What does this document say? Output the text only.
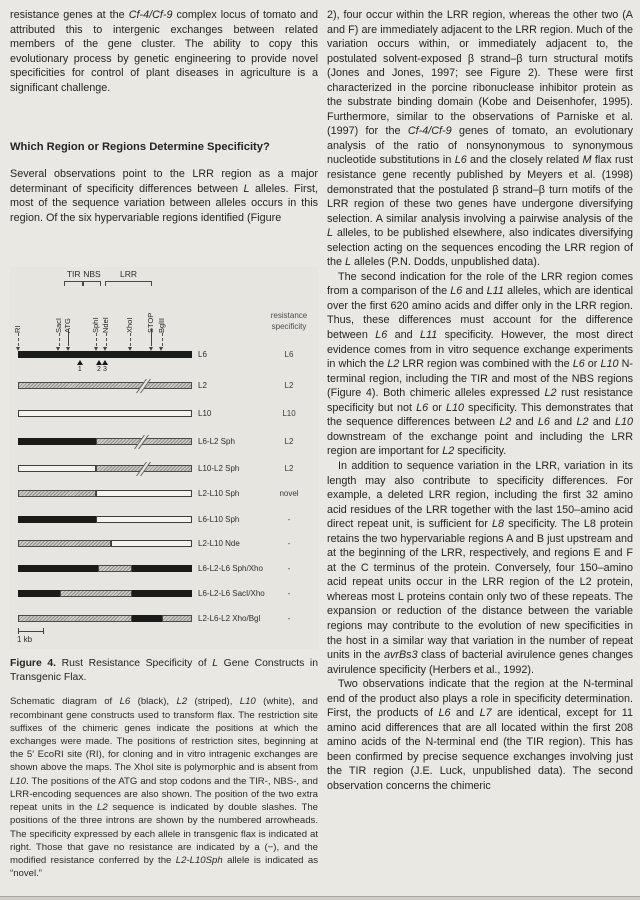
resistance genes at the Cf-4/Cf-9 complex locus of tomato and attributed this to intergenic exchanges between related members of the gene cluster. The ability to copy this evolutionary process by genetic engineering to provide novel specificities for control of plant diseases in agriculture is a significant challenge.

Which Region or Regions Determine Specificity?

Several observations point to the LRR region as a major determinant of specificity differences between L alleles. First, most of the sequence variation between alleles occurs in this region. Of the six hypervariable regions identified (Figure

TIR NBS LRR
RI	SacI ATG	SphI NdeI XhoI STOP BglII
L6	L6
L2	L2
L10	L10
L6-L2 Sph	L2
L10-L2 Sph	L2
L2-L10 Sph	novel
L6-L10 Sph	-
L2-L10 Nde	-
L6-L2-L6 Sph/Xho	-
L6-L2-L6 SacI/Xho	-
L2-L6-L2 Xho/Bgl	-
1 2 3
resistance
specificity
1 kb

Figure 4. Rust Resistance Specificity of L Gene Constructs in Transgenic Flax.

Schematic diagram of L6 (black), L2 (striped), L10 (white), and recombinant gene constructs used to transform flax. The restriction site suffixes of the chimeric genes indicate the positions at which the exchanges were made. The positions of restriction sites, beginning at the 5′ EcoRI site (RI), for cloning and in vitro intragenic exchanges are shown above the maps. The XhoI site is polymorphic and is absent from L10. The positions of the ATG and stop codons and the TIR-, NBS-, and LRR-encoding sequences are also shown. The position of the two extra repeat units in the L2 sequence is indicated by double slashes. The positions of the three introns are shown by the numbered arrowheads. The specificity expressed by each allele in transgenic flax is indicated at right. Those that gave no resistance are indicated by a (−), and the modified resistance conferred by the L2-L10Sph allele is indicated as “novel.”

2), four occur within the LRR region, whereas the other two (A and F) are immediately adjacent to the LRR region. Much of the variation occurs within, or immediately adjacent to, the postulated solvent-exposed β strand–β turn structural motifs (Jones and Jones, 1997; see Figure 2). These were first characterized in the porcine ribonuclease inhibitor protein as the substrate binding domain (Kobe and Deisenhofer, 1995). Furthermore, similar to the observations of Parniske et al. (1997) for the Cf-4/Cf-9 genes of tomato, an evolutionary analysis of the ratio of nonsynonymous to synonymous nucleotide substitutions in L6 and the closely related M flax rust resistance gene recently published by Meyers et al. (1998) demonstrated that the postulated β strand–β turn motifs of the LRR region of these two genes have undergone diversifying selection. A similar analysis involving a pairwise analysis of the L alleles, to be published elsewhere, also indicates diversifying selection acting on the sequences encoding the LRR region of the L alleles (P.N. Dodds, unpublished data).

The second indication for the role of the LRR region comes from a comparison of the L6 and L11 alleles, which are identical over the first 620 amino acids and differ only in the LRR region. Thus, these differences must account for the difference between L6 and L11 specificity. However, the most direct evidence comes from in vitro sequence exchange experiments in which the L2 LRR region was combined with the L6 or L10 N-terminal region, including the TIR and most of the NBS regions (Figure 4). Both chimeric alleles expressed L2 rust resistance specificity but not L6 or L10 specificity. This demonstrates that the sequence differences between L2 and L6 and L2 and L10 downstream of the exchange point and including the LRR region are important for L2 specificity.

In addition to sequence variation in the LRR, variation in its length may also contribute to specificity differences. For example, a deleted LRR region, including the first 32 amino acid residues of the LRR together with the last 150–amino acid direct repeat unit, is sufficient for L8 specificity. The L8 protein retains the two hypervariable regions A and B just upstream and at the beginning of the LRR, respectively, and regions E and F at the C terminus of the protein. Conversely, four 150–amino acid repeat units occur in the LRR region of the L2 protein, whereas most L proteins contain only two of these repeats. The expansion or reduction of the distance between the variable regions may contribute to the evolution of new specificities in the host in a similar way that variation in the number of repeat units in the avrBs3 class of bacterial avirulence genes changes avirulence specificity (Herbers et al., 1992).

Two observations indicate that the region at the N-terminal end of the product also plays a role in specificity determination. First, the products of L6 and L7 are identical, except for 11 amino acid differences that are all located within the first 208 amino acids of the N-terminal end (the TIR region). This has been confirmed by precise sequence exchanges involving just the TIR region (J.E. Luck, unpublished data). The second observation concerns the chimeric
